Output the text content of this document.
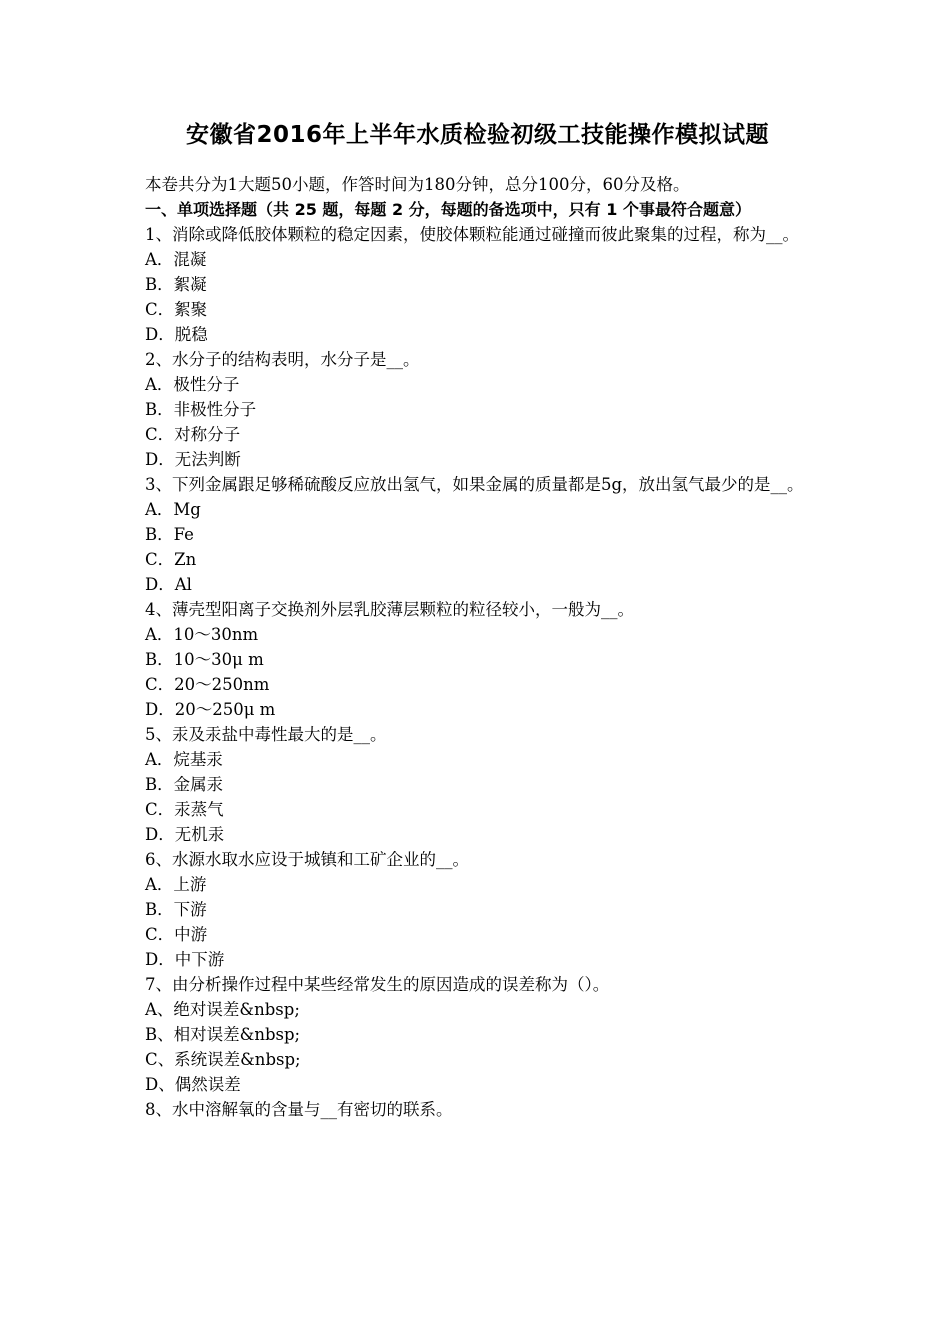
安徽省2016年上半年水质检验初级工技能操作模拟试题

本卷共分为1大题50小题，作答时间为180分钟，总分100分，60分及格。

一、单项选择题（共 25 题，每题 2 分，每题的备选项中，只有 1 个事最符合题意）

1、消除或降低胶体颗粒的稳定因素，使胶体颗粒能通过碰撞而彼此聚集的过程，称为__。

A．混凝

B．絮凝

C．絮聚

D．脱稳

2、水分子的结构表明，水分子是__。

A．极性分子

B．非极性分子

C．对称分子

D．无法判断

3、下列金属跟足够稀硫酸反应放出氢气，如果金属的质量都是5g，放出氢气最少的是__。

A．Mg

B．Fe

C．Zn

D．Al

4、薄壳型阳离子交换剂外层乳胶薄层颗粒的粒径较小，一般为__。

A．10～30nm

B．10～30μ m

C．20～250nm

D．20～250μ m

5、汞及汞盐中毒性最大的是__。

A．烷基汞

B．金属汞

C．汞蒸气

D．无机汞

6、水源水取水应设于城镇和工矿企业的__。

A．上游

B．下游

C．中游

D．中下游

7、由分析操作过程中某些经常发生的原因造成的误差称为（）。

A、绝对误差&nbsp;

B、相对误差&nbsp;

C、系统误差&nbsp;

D、偶然误差

8、水中溶解氧的含量与__有密切的联系。
